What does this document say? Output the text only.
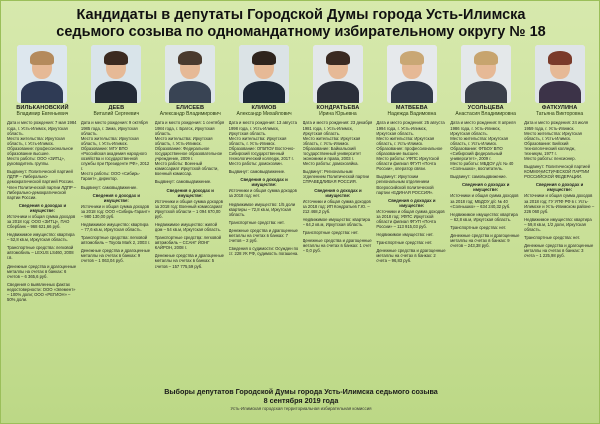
Кандидаты в депутаты Городской Думы города Усть-Илимска
седьмого созыва по одномандатному избирательному округу № 18
ВИЛЬКАНОВСКИЙ
Владимир Евгеньевич
Дата и место рождения: 7 мая 1984 года, г. Усть-Илимск, Иркутская область.
Место жительства: Иркутская область, г. Усть-Илимск.
Образование: профессиональное образование высшее.
Место работы: ООО «ЗИТЦ», руководитель группы.
Выдвинут: Политической партией ЛДПР – Либерально-демократической партией России. Член Политической партии ЛДПР – Либерально-демократической партии России.
Сведения о доходах и имуществе:
Источники и общая сумма доходов за 2018 год: ООО «ЗИТЦ», ПАО Сбербанк – 968 621,66 руб.
Недвижимое имущество: квартира – 52,8 кв.м, Иркутская область.
Транспортные средства: легковой автомобиль – LEXUS LS460, 2008 г.в.
Денежные средства и драгоценные металлы на счетах в банках: 6 счетов – 6 365,6 руб.
Сведения о выявленных фактах недостоверности: ООО «Элемент» – 100% доли; ООО «РЕГИОН» – 50% доли.
ДЕЕВ
Виталий Сергеевич
Дата и место рождения: 9 октября 1985 года, г. Зима, Иркутская область.
Место жительства: Иркутская область, г. Усть-Илимск.
Образование: МГУ ВПО «Российская академия народного хозяйства и государственной службы при Президенте РФ», 2012 г.
Место работы: ООО «Сибирь-Гарант», директор.
Выдвинут: самовыдвижение.
Сведения о доходах и имуществе:
Источники и общая сумма доходов за 2018 год: ООО «Сибирь-Гарант» – 980 130,00 руб.
Недвижимое имущество: квартира – 77,6 кв.м, Иркутская область.
Транспортные средства: легковой автомобиль – Toyota Mark 2, 2003 г.
Денежные средства и драгоценные металлы на счетах в банках: 9 счетов – 1 063,04 руб.
ЕЛИСЕЕВ
Александр Владимирович
Дата и место рождения: 1 сентября 1984 года, г. Братск, Иркутская область.
Место жительства: Иркутская область, г. Усть-Илимск.
Образование: Федеральное государственное образовательное учреждение, 2009 г.
Место работы: Военный комиссариат Иркутской области, военный комиссар.
Выдвинут: самовыдвижение.
Сведения о доходах и имуществе:
Источники и общая сумма доходов за 2018 год: Военный комиссариат Иркутской области – 1 094 670,00 руб.
Недвижимое имущество: жилой дом – 54 кв.м, Иркутская область.
Транспортные средства: легковой автомобиль – ССАНГ ЙОНГ КАЙРОН, 2008 г.
Денежные средства и драгоценные металлы на счетах в банках: 5 счетов – 157 775,59 руб.
КЛИМОВ
Александр Михайлович
Дата и место рождения: 13 августа 1998 года, г. Усть-Илимск, Иркутская область.
Место жительства: Иркутская область, г. Усть-Илимск.
Образование: ОГБПОУ Восточно-Сибирский государственный технологический колледж, 2017 г.
Место работы: домохозяин.
Выдвинут: самовыдвижение.
Сведения о доходах и имуществе:
Источники и общая сумма доходов за 2018 год: нет.
Недвижимое имущество: 1/5 доли квартиры – 72,8 кв.м, Иркутская область.
Транспортные средства: нет.
Денежные средства и драгоценные металлы на счетах в банках: 7 счетов – 2 руб.
Сведения о судимости: Осужден по ст. 228 УК РФ, судимость погашена.
КОНДРАТЬЕВА
Ирина Юрьевна
Дата и место рождения: 23 декабря 1981 года, г. Усть-Илимск, Иркутская область.
Место жительства: Иркутская область, г. Усть-Илимск.
Образование: Байкальский государственный университет экономики и права, 2003 г.
Место работы: домохозяйка.
Выдвинут: Региональным отделением Политической партии СПРАВЕДЛИВАЯ РОССИЯ.
Сведения о доходах и имуществе:
Источники и общая сумма доходов за 2018 год: ИП Кондратьев Г.Ю. – 212 468,2 руб.
Недвижимое имущество: квартира – 64,2 кв.м, Иркутская область.
Транспортные средства: нет.
Денежные средства и драгоценные металлы на счетах в банках: 1 счет – 0,0 руб.
МАТВЕЕВА
Надежда Вадимовна
Дата и место рождения: 25 августа 1994 года, г. Усть-Илимск, Иркутская область.
Место жительства: Иркутская область, г. Усть-Илимск.
Образование: профессиональное образование высшее.
Место работы: УФПС Иркутской области филиал ФГУП «Почта России», оператор связи.
Выдвинут: Иркутским региональным отделением Всероссийской политической партии «ЕДИНАЯ РОССИЯ».
Сведения о доходах и имуществе:
Источники и общая сумма доходов за 2018 год: УФПС Иркутской области филиал ФГУП «Почта России» – 113 915,03 руб.
Недвижимое имущество: нет.
Транспортные средства: нет.
Денежные средства и драгоценные металлы на счетах в банках: 2 счета – 96,83 руб.
УСОЛЬЦЕВА
Анастасия Владимировна
Дата и место рождения: 8 апреля 1986 года, г. Усть-Илимск, Иркутская область.
Место жительства: Иркутская область, г. Усть-Илимск.
Образование: ФГБОУ ВПО «Сибирский федеральный университет», 2009 г.
Место работы: МБДОУ д/с № 40 «Солнышко», воспитатель.
Выдвинут: самовыдвижение.
Сведения о доходах и имуществе:
Источники и общая сумма доходов за 2018 год: МБДОУ д/с № 40 «Солнышко» – 634 240,32 руб.
Недвижимое имущество: квартира – 62,8 кв.м, Иркутская область.
Транспортные средства: нет.
Денежные средства и драгоценные металлы на счетах в банках: 9 счетов – 243,38 руб.
ФАТКУЛИНА
Татьяна Викторовна
Дата и место рождения: 24 июля 1959 года, г. Усть-Илимск.
Место жительства: Иркутская область, г. Усть-Илимск.
Образование: Бийский технологический колледж, техникум, 1977 г.
Место работы: пенсионер.
Выдвинут: Политической партией КОММУНИСТИЧЕСКОЙ ПАРТИИ РОССИЙСКОЙ ФЕДЕРАЦИИ.
Сведения о доходах и имуществе:
Источники и общая сумма доходов за 2018 год: ГУ УПФ РФ в г. Усть-Илимске и Усть-Илимском районе – 226 060 руб.
Недвижимое имущество: квартира – 59,8 кв.м, 1/2 доли, Иркутская область.
Транспортные средства: нет.
Денежные средства и драгоценные металлы на счетах в банках: 3 счета – 1 225,98 руб.
Выборы депутатов Городской Думы города Усть-Илимска седьмого созыва
8 сентября 2019 года
Усть-Илимская городская территориальная избирательная комиссия
